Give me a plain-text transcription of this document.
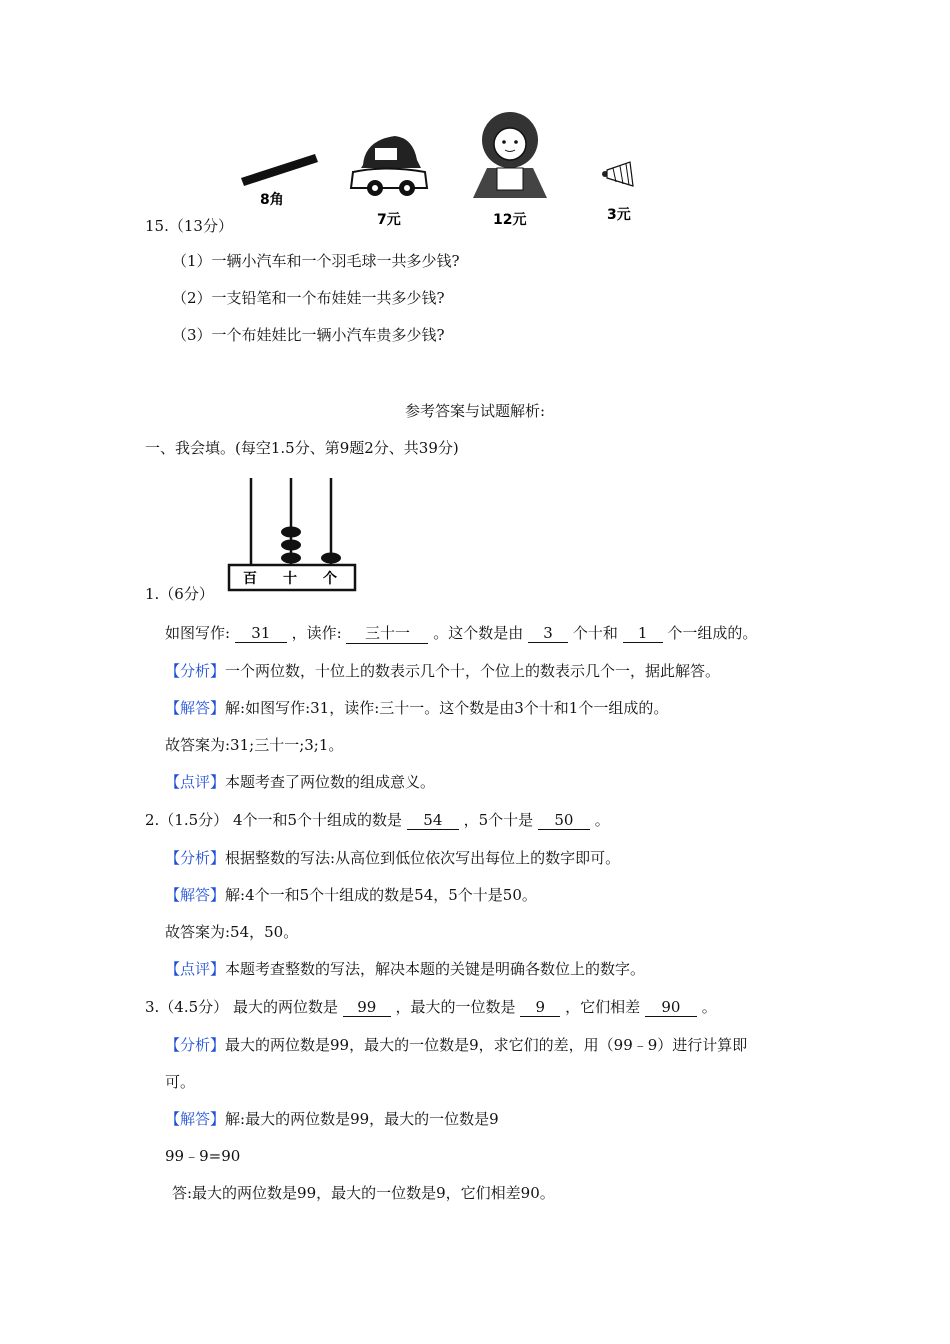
8角
7元	12元	3元
15.（13分）
（1）一辆小汽车和一个羽毛球一共多少钱?
（2）一支铅笔和一个布娃娃一共多少钱?
（3）一个布娃娃比一辆小汽车贵多少钱?
参考答案与试题解析:
一、我会填。(每空1.5分、第9题2分、共39分)
百 十 个
1.（6分）
如图写作: 31 ，读作: 三十一 。这个数是由 3 个十和 1 个一组成的。
【分析】一个两位数，十位上的数表示几个十，个位上的数表示几个一，据此解答。
【解答】解:如图写作:31，读作:三十一。这个数是由3个十和1个一组成的。
故答案为:31;三十一;3;1。
【点评】本题考查了两位数的组成意义。
2.（1.5分） 4个一和5个十组成的数是 54 ，5个十是 50 。
【分析】根据整数的写法:从高位到低位依次写出每位上的数字即可。
【解答】解:4个一和5个十组成的数是54，5个十是50。
故答案为:54，50。
【点评】本题考查整数的写法，解决本题的关键是明确各数位上的数字。
3.（4.5分） 最大的两位数是 99 ，最大的一位数是 9 ，它们相差 90 。
【分析】最大的两位数是99，最大的一位数是9，求它们的差，用（99﹣9）进行计算即
可。
【解答】解:最大的两位数是99，最大的一位数是9
99﹣9=90
答:最大的两位数是99，最大的一位数是9，它们相差90。
